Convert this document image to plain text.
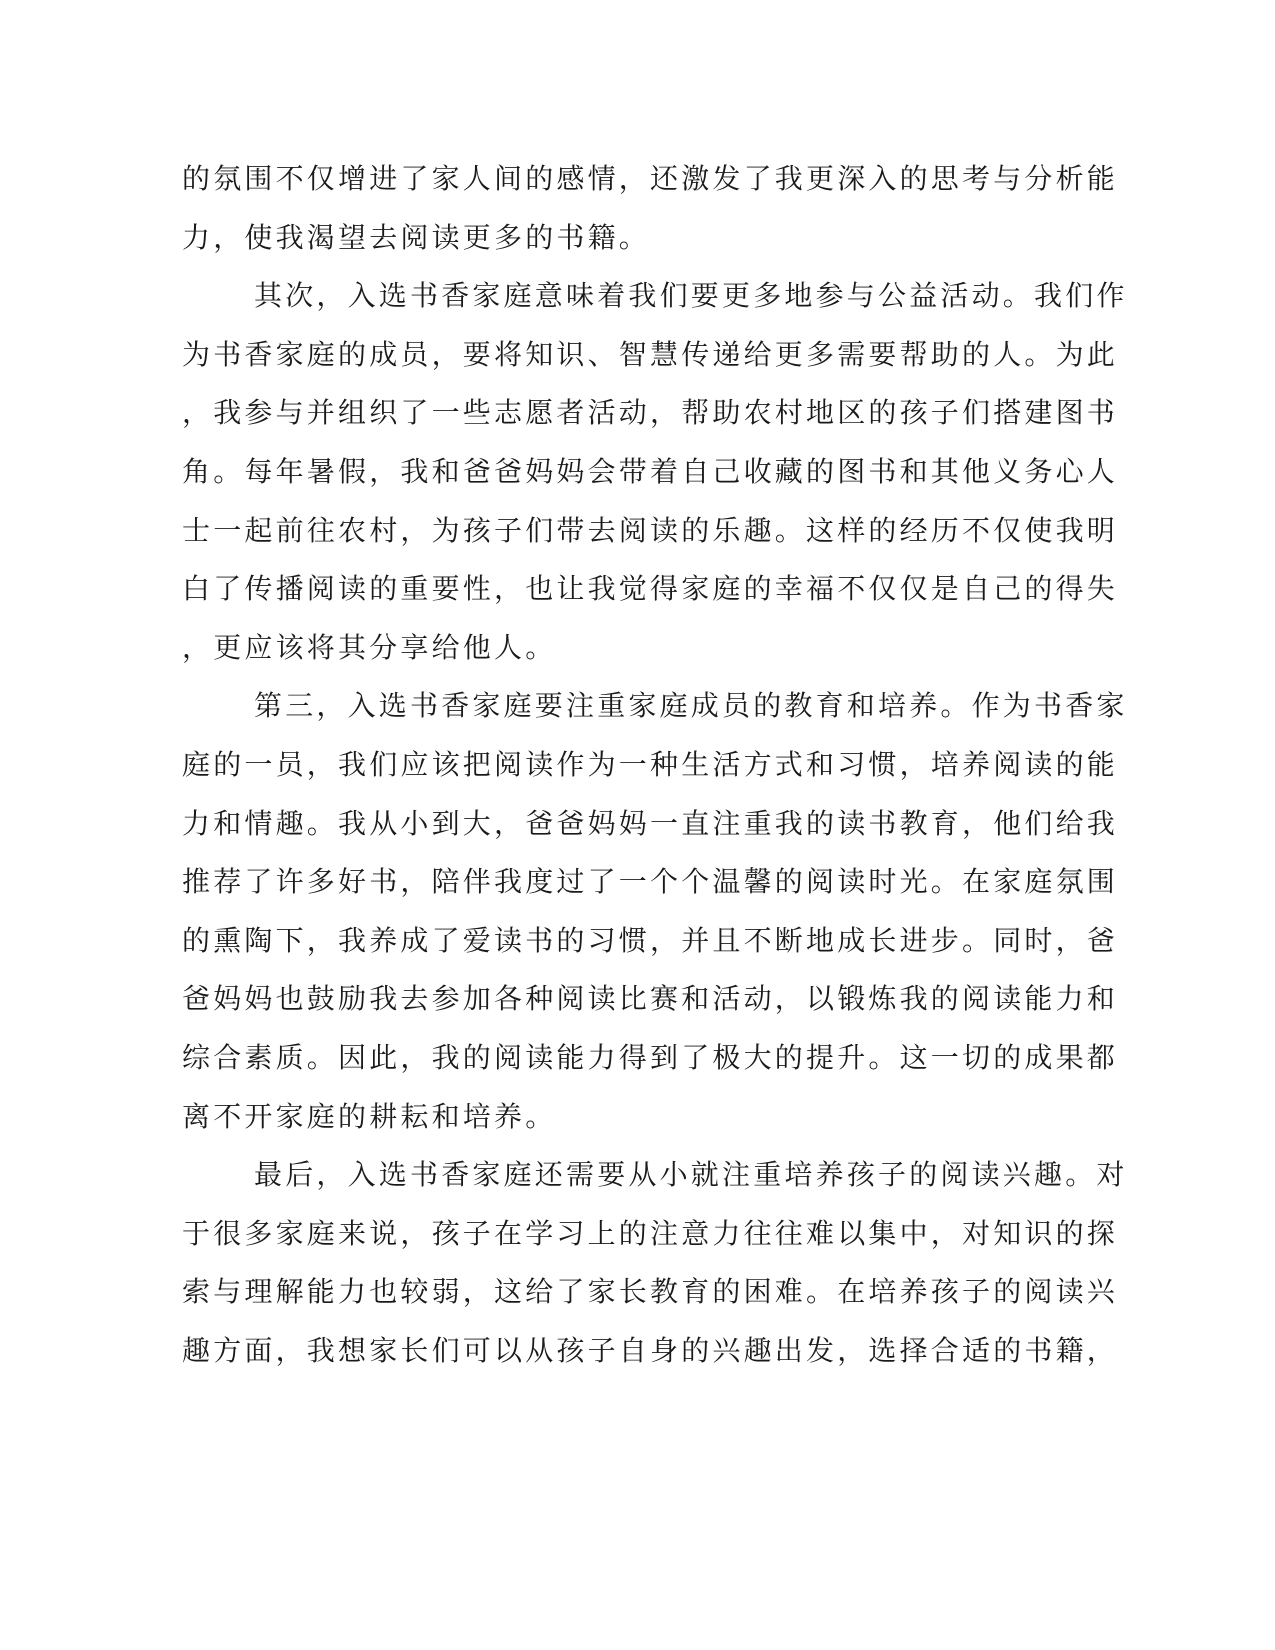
的氛围不仅增进了家人间的感情，还激发了我更深入的思考与分析能
力，使我渴望去阅读更多的书籍。
其次，入选书香家庭意味着我们要更多地参与公益活动。我们作
为书香家庭的成员，要将知识、智慧传递给更多需要帮助的人。为此
，我参与并组织了一些志愿者活动，帮助农村地区的孩子们搭建图书
角。每年暑假，我和爸爸妈妈会带着自己收藏的图书和其他义务心人
士一起前往农村，为孩子们带去阅读的乐趣。这样的经历不仅使我明
白了传播阅读的重要性，也让我觉得家庭的幸福不仅仅是自己的得失
，更应该将其分享给他人。
第三，入选书香家庭要注重家庭成员的教育和培养。作为书香家
庭的一员，我们应该把阅读作为一种生活方式和习惯，培养阅读的能
力和情趣。我从小到大，爸爸妈妈一直注重我的读书教育，他们给我
推荐了许多好书，陪伴我度过了一个个温馨的阅读时光。在家庭氛围
的熏陶下，我养成了爱读书的习惯，并且不断地成长进步。同时，爸
爸妈妈也鼓励我去参加各种阅读比赛和活动，以锻炼我的阅读能力和
综合素质。因此，我的阅读能力得到了极大的提升。这一切的成果都
离不开家庭的耕耘和培养。
最后，入选书香家庭还需要从小就注重培养孩子的阅读兴趣。对
于很多家庭来说，孩子在学习上的注意力往往难以集中，对知识的探
索与理解能力也较弱，这给了家长教育的困难。在培养孩子的阅读兴
趣方面，我想家长们可以从孩子自身的兴趣出发，选择合适的书籍，
